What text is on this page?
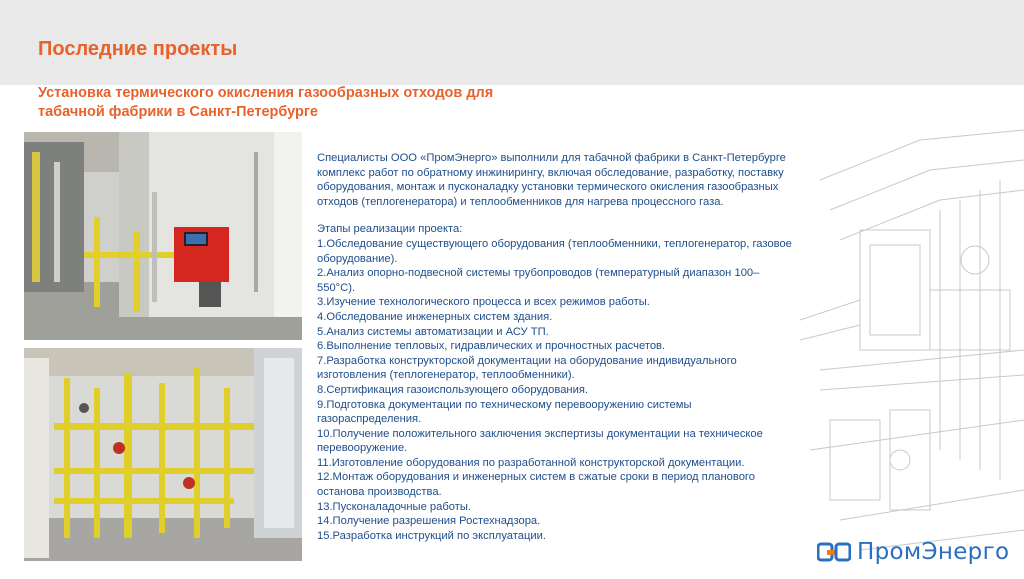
Последние проекты
Установка термического окисления газообразных отходов для табачной фабрики в Санкт-Петербурге

Специалисты ООО «ПромЭнерго» выполнили для табачной фабрики в Санкт-Петербурге комплекс работ по обратному инжинирингу, включая обследование, разработку, поставку оборудования, монтаж и пусконаладку установки термического окисления газообразных отходов (теплогенератора) и теплообменников для нагрева процессного газа.

Этапы реализации проекта:

1.Обследование существующего оборудования (теплообменники, теплогенератор, газовое оборудование).
2.Анализ опорно-подвесной системы трубопроводов (температурный диапазон 100–550°С).
3.Изучение технологического процесса и всех режимов работы.
4.Обследование инженерных систем здания.
5.Анализ системы автоматизации и АСУ ТП.
6.Выполнение тепловых, гидравлических и прочностных расчетов.
7.Разработка конструкторской документации на оборудование индивидуального изготовления (теплогенератор, теплообменники).
8.Сертификация газоиспользующего оборудования.
9.Подготовка документации по техническому перевооружению системы газораспределения.
10.Получение положительного заключения экспертизы документации на техническое перевооружение.
11.Изготовление оборудования по разработанной конструкторской документации.
12.Монтаж оборудования и инженерных систем в сжатые сроки в период планового останова производства.
13.Пусконаладочные работы.
14.Получение разрешения Ростехнадзора.
15.Разработка инструкций по эксплуатации.
ПромЭнерго
